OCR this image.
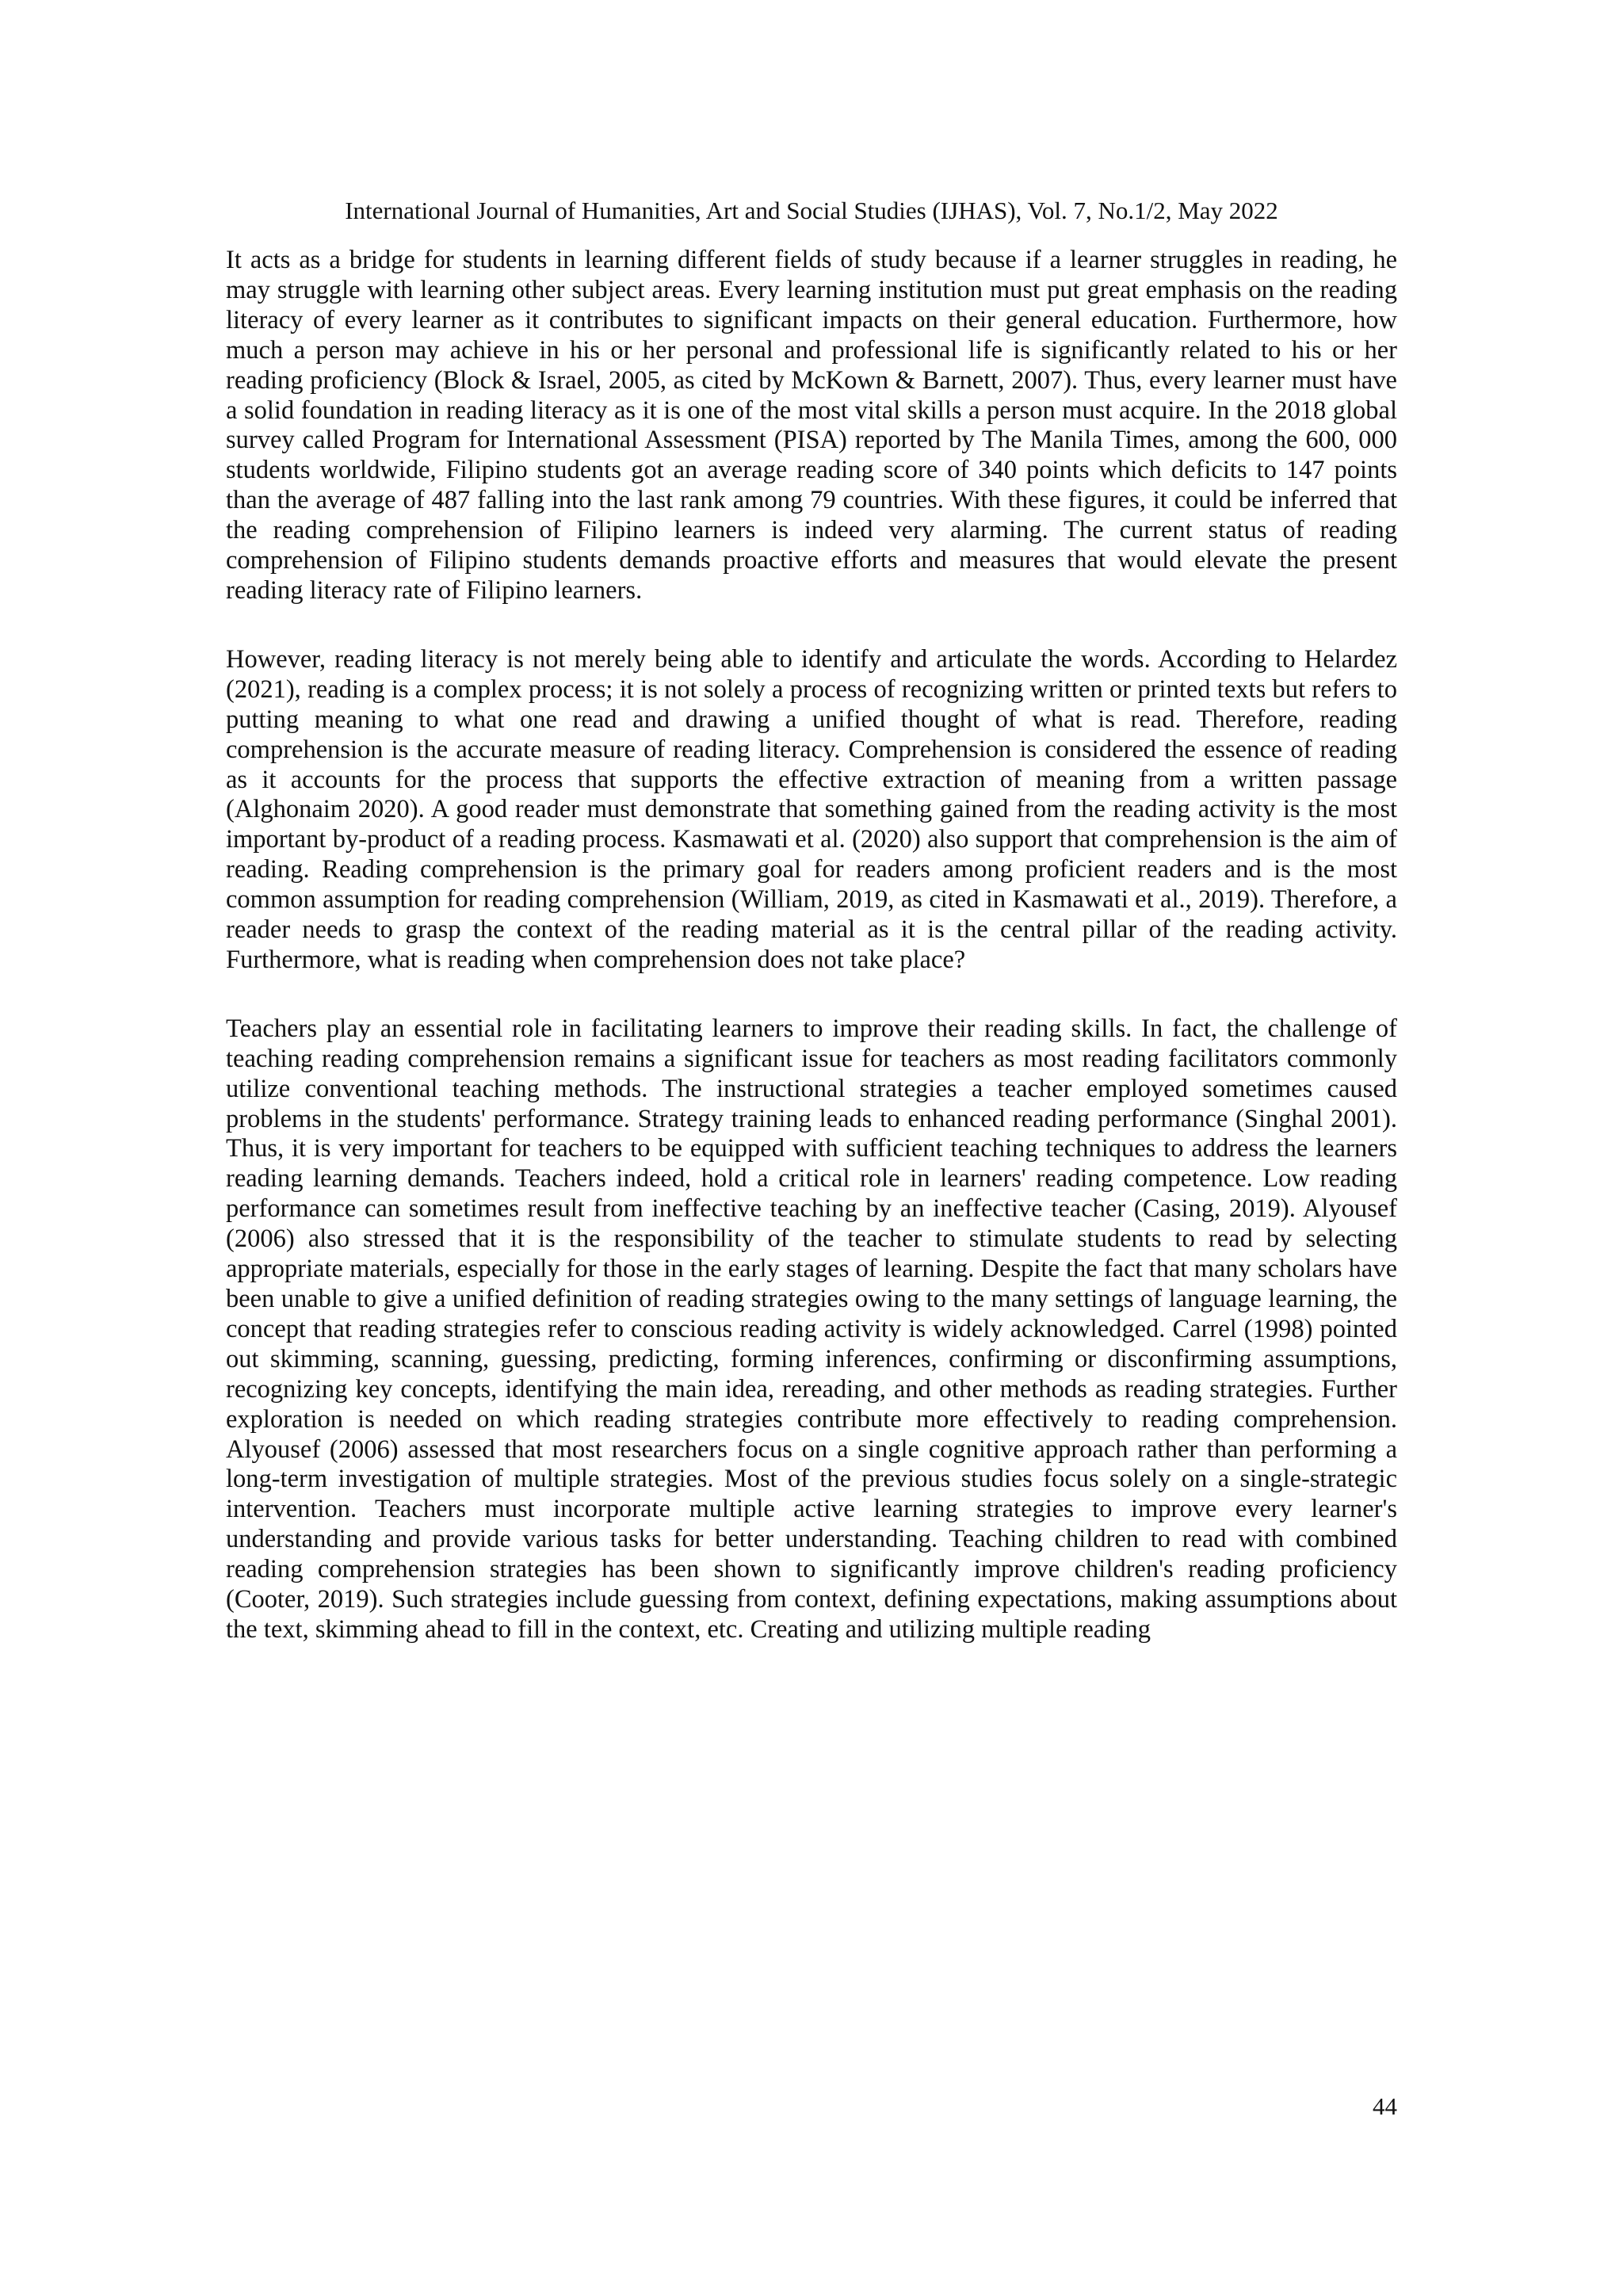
International Journal of Humanities, Art and Social Studies (IJHAS), Vol. 7, No.1/2, May 2022

It acts as a bridge for students in learning different fields of study because if a learner struggles in reading, he may struggle with learning other subject areas. Every learning institution must put great emphasis on the reading literacy of every learner as it contributes to significant impacts on their general education. Furthermore, how much a person may achieve in his or her personal and professional life is significantly related to his or her reading proficiency (Block & Israel, 2005, as cited by McKown & Barnett, 2007). Thus, every learner must have a solid foundation in reading literacy as it is one of the most vital skills a person must acquire. In the 2018 global survey called Program for International Assessment (PISA) reported by The Manila Times, among the 600, 000 students worldwide, Filipino students got an average reading score of 340 points which deficits to 147 points than the average of 487 falling into the last rank among 79 countries. With these figures, it could be inferred that the reading comprehension of Filipino learners is indeed very alarming. The current status of reading comprehension of Filipino students demands proactive efforts and measures that would elevate the present reading literacy rate of Filipino learners.

However, reading literacy is not merely being able to identify and articulate the words. According to Helardez (2021), reading is a complex process; it is not solely a process of recognizing written or printed texts but refers to putting meaning to what one read and drawing a unified thought of what is read. Therefore, reading comprehension is the accurate measure of reading literacy. Comprehension is considered the essence of reading as it accounts for the process that supports the effective extraction of meaning from a written passage (Alghonaim 2020). A good reader must demonstrate that something gained from the reading activity is the most important by-product of a reading process. Kasmawati et al. (2020) also support that comprehension is the aim of reading. Reading comprehension is the primary goal for readers among proficient readers and is the most common assumption for reading comprehension (William, 2019, as cited in Kasmawati et al., 2019). Therefore, a reader needs to grasp the context of the reading material as it is the central pillar of the reading activity. Furthermore, what is reading when comprehension does not take place?

Teachers play an essential role in facilitating learners to improve their reading skills. In fact, the challenge of teaching reading comprehension remains a significant issue for teachers as most reading facilitators commonly utilize conventional teaching methods. The instructional strategies a teacher employed sometimes caused problems in the students' performance. Strategy training leads to enhanced reading performance (Singhal 2001). Thus, it is very important for teachers to be equipped with sufficient teaching techniques to address the learners reading learning demands. Teachers indeed, hold a critical role in learners' reading competence. Low reading performance can sometimes result from ineffective teaching by an ineffective teacher (Casing, 2019). Alyousef (2006) also stressed that it is the responsibility of the teacher to stimulate students to read by selecting appropriate materials, especially for those in the early stages of learning. Despite the fact that many scholars have been unable to give a unified definition of reading strategies owing to the many settings of language learning, the concept that reading strategies refer to conscious reading activity is widely acknowledged. Carrel (1998) pointed out skimming, scanning, guessing, predicting, forming inferences, confirming or disconfirming assumptions, recognizing key concepts, identifying the main idea, rereading, and other methods as reading strategies. Further exploration is needed on which reading strategies contribute more effectively to reading comprehension. Alyousef (2006) assessed that most researchers focus on a single cognitive approach rather than performing a long-term investigation of multiple strategies. Most of the previous studies focus solely on a single-strategic intervention. Teachers must incorporate multiple active learning strategies to improve every learner's understanding and provide various tasks for better understanding. Teaching children to read with combined reading comprehension strategies has been shown to significantly improve children's reading proficiency (Cooter, 2019). Such strategies include guessing from context, defining expectations, making assumptions about the text, skimming ahead to fill in the context, etc. Creating and utilizing multiple reading

44
